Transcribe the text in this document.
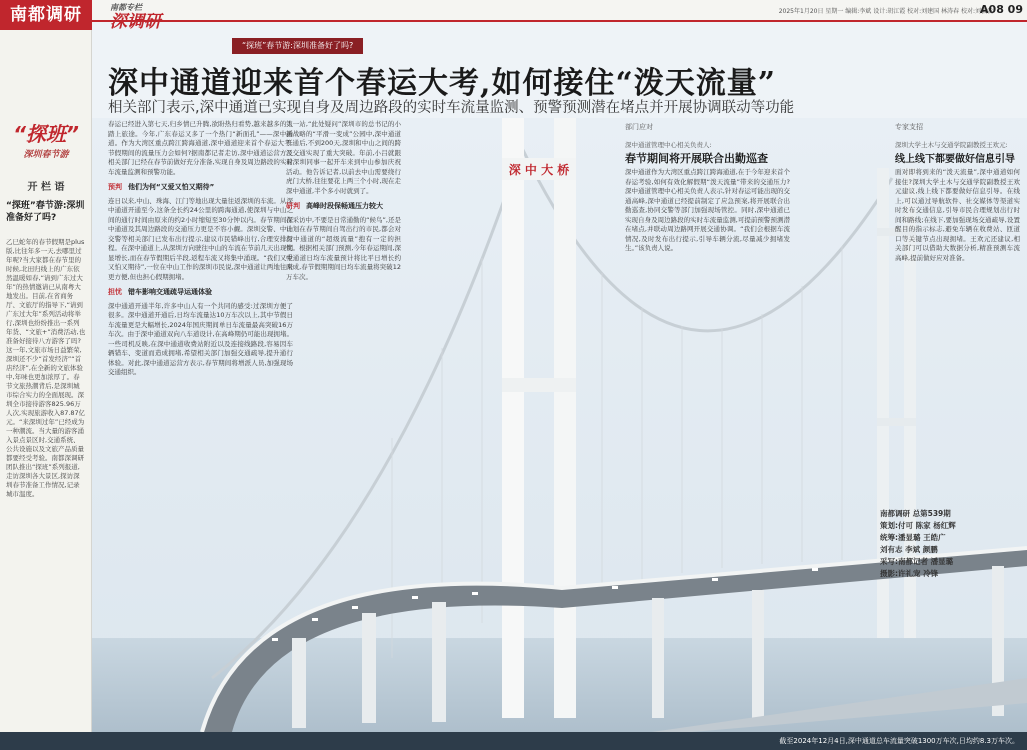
2025年1月20日 星期一 编辑:李斌 设计:胡江霞 校对:刘建国 林涛春 校对:刘毅发
A08 09
南都调研	南都专栏
深调研
“探班”
深圳春节游
开 栏 语
“探班”春节游:深圳准备好了吗?
乙巳蛇年的春节假期是plus版,比往年多一天,去哪里过年呢?当大家都在春节里的时候,北田归线上的广东依然温暖如春,“请到广东过大年”的热情邀请已从南粤大地发出。目前,在省商务厅、文旅厅的指导下,“请到广东过大年”系列活动将举行,深圳也纷纷推出一系列年货、“文旅+”消费活动,也准备好接待八方游客了吗?这一年,文旅市场日益繁荣,深圳还不少“首发经济”“首店经济”,在全新的文旅体验中,年味也更加浓厚了。春节文旅热潮背后,是深圳城市综合实力的全面展现。深圳全市接待游客825.96万人次,实现旅游收入87.87亿元。“来深圳过年”已经成为一种潮流。当大量的游客涌入景点景区时,交通系统、公共设施以及文旅产品质量都要经受考验。南都深调研团队推出“探班”系列报道,走访深圳各大景区,探访深圳春节准备工作情况,记录城市温度。
深 中 大 桥
“探班”春节游:深圳准备好了吗?
深中通道迎来首个春运大考,如何接住“泼天流量”
相关部门表示,深中通道已实现自身及周边路段的实时车流量监测、预警预测潜在堵点并开展协调联动等功能
春运已经进入第七天,归乡情已升腾,欲盼热归看势,越来越多的人踏上旅途。今年,广东春运又多了一个热门“新面孔”——深中通道。作为大湾区重点跨江跨海通道,深中通道迎来首个春运大考,节假期间的流量压力会如何?据南都记者走访,深中通道运营方及相关部门已经在春节前做好充分准备,实现自身及周边路段的实时车流量监测和预警功能。
预判 他们为何“又爱又怕又期待”
连日以来,中山、珠海、江门等地出现大量往返深圳的车流。从深中通道开通至今,这条全长约24公里的跨海通道,使深圳与中山之间的通行时间由原来的约2小时缩短至30分钟以内。春节期间深中通道及其周边路段的交通压力更是不容小觑。深圳交警、中山交警等相关部门已发布出行提示,建议市民错峰出行,合理安排行程。在深中通道上,从深圳方向驶往中山的车流在节前几天出现明显增长,而在春节假期后半段,返程车流又将集中涌现。“我们又爱又怕又期待”,一位在中山工作的深圳市民说,深中通道让两地往来更方便,但也担心假期拥堵。
担忧 错车影响交通疏导运通体验
深中通道开通半年,许多中山人有一个共同的感受:过深圳方便了很多。深中通道开通后,日均车流量达10万车次以上,其中节假日车流量更是大幅增长,2024年国庆期间单日车流量最高突破16万车次。由于深中通道双向八车道设计,在高峰期仍可能出现拥堵。一些司机反映,在深中通道收费站附近以及连接线路段,容易因车辆错车、变道而造成拥堵,希望相关部门加强交通疏导,提升通行体验。对此,深中通道运营方表示,春节期间将增派人员,加强现场交通组织。
第一站,“此处疑问”深圳市的总书记的小新战略的“平滑一变成”公园中,深中通道开通后,不到200天,深圳和中山之间的跨江交通实现了重大突破。年前,小吕就跟着深圳同事一起开车来到中山参加庆祝活动。他告诉记者,以前去中山需要绕行虎门大桥,往往要花上两三个小时,现在走深中通道,半个多小时就到了。
研判 高峰时段保畅通压力较大
在采访中,不要是日常通勤的“候鸟”,还是计划在春节期间自驾出行的市民,都会对深中通道的“超级流量”抱有一定的担忧。根据相关部门预测,今年春运期间,深中通道日均车流量预计将比平日增长约两成,春节假期期间日均车流量将突破12万车次。
部门应对
深中通道管理中心相关负责人:
春节期间将开展联合出勤巡查
深中通道作为大湾区重点跨江跨海通道,在于今年迎来首个春运考验,如何有效化解假期“泼天流量”带来的交通压力?深中通道管理中心相关负责人表示,针对春运可能出现的交通高峰,深中通道已经提前制定了应急预案,将开展联合出勤巡查,协同交警等部门加强现场管控。同时,深中通道已实现自身及周边路段的实时车流量监测,可提前预警预测潜在堵点,并联动周边路网开展交通协调。“我们会根据车流情况,及时发布出行提示,引导车辆分流,尽量减少拥堵发生。”该负责人说。
专家支招
深圳大学土木与交通学院副教授王欢元:
线上线下都要做好信息引导
面对即将到来的“泼天流量”,深中通道如何接住?深圳大学土木与交通学院副教授王欢元建议,线上线下都要做好信息引导。在线上,可以通过导航软件、社交媒体等渠道实时发布交通信息,引导市民合理规划出行时间和路线;在线下,要加强现场交通疏导,设置醒目的指示标志,避免车辆在收费站、匝道口等关键节点出现拥堵。王欢元还建议,相关部门可以借助大数据分析,精准预测车流高峰,提前做好应对准备。
南都调研 总第539期
策划:付可 陈家 杨红辉
统筹:潘显璐 王皓广
刘有志 李斌 颜鹏
采写:南都记者 潘显璐
摄影:许礼宠 冷锋
截至2024年12月4日,深中通道总车流量突破1300万车次,日均约8.3万车次。
